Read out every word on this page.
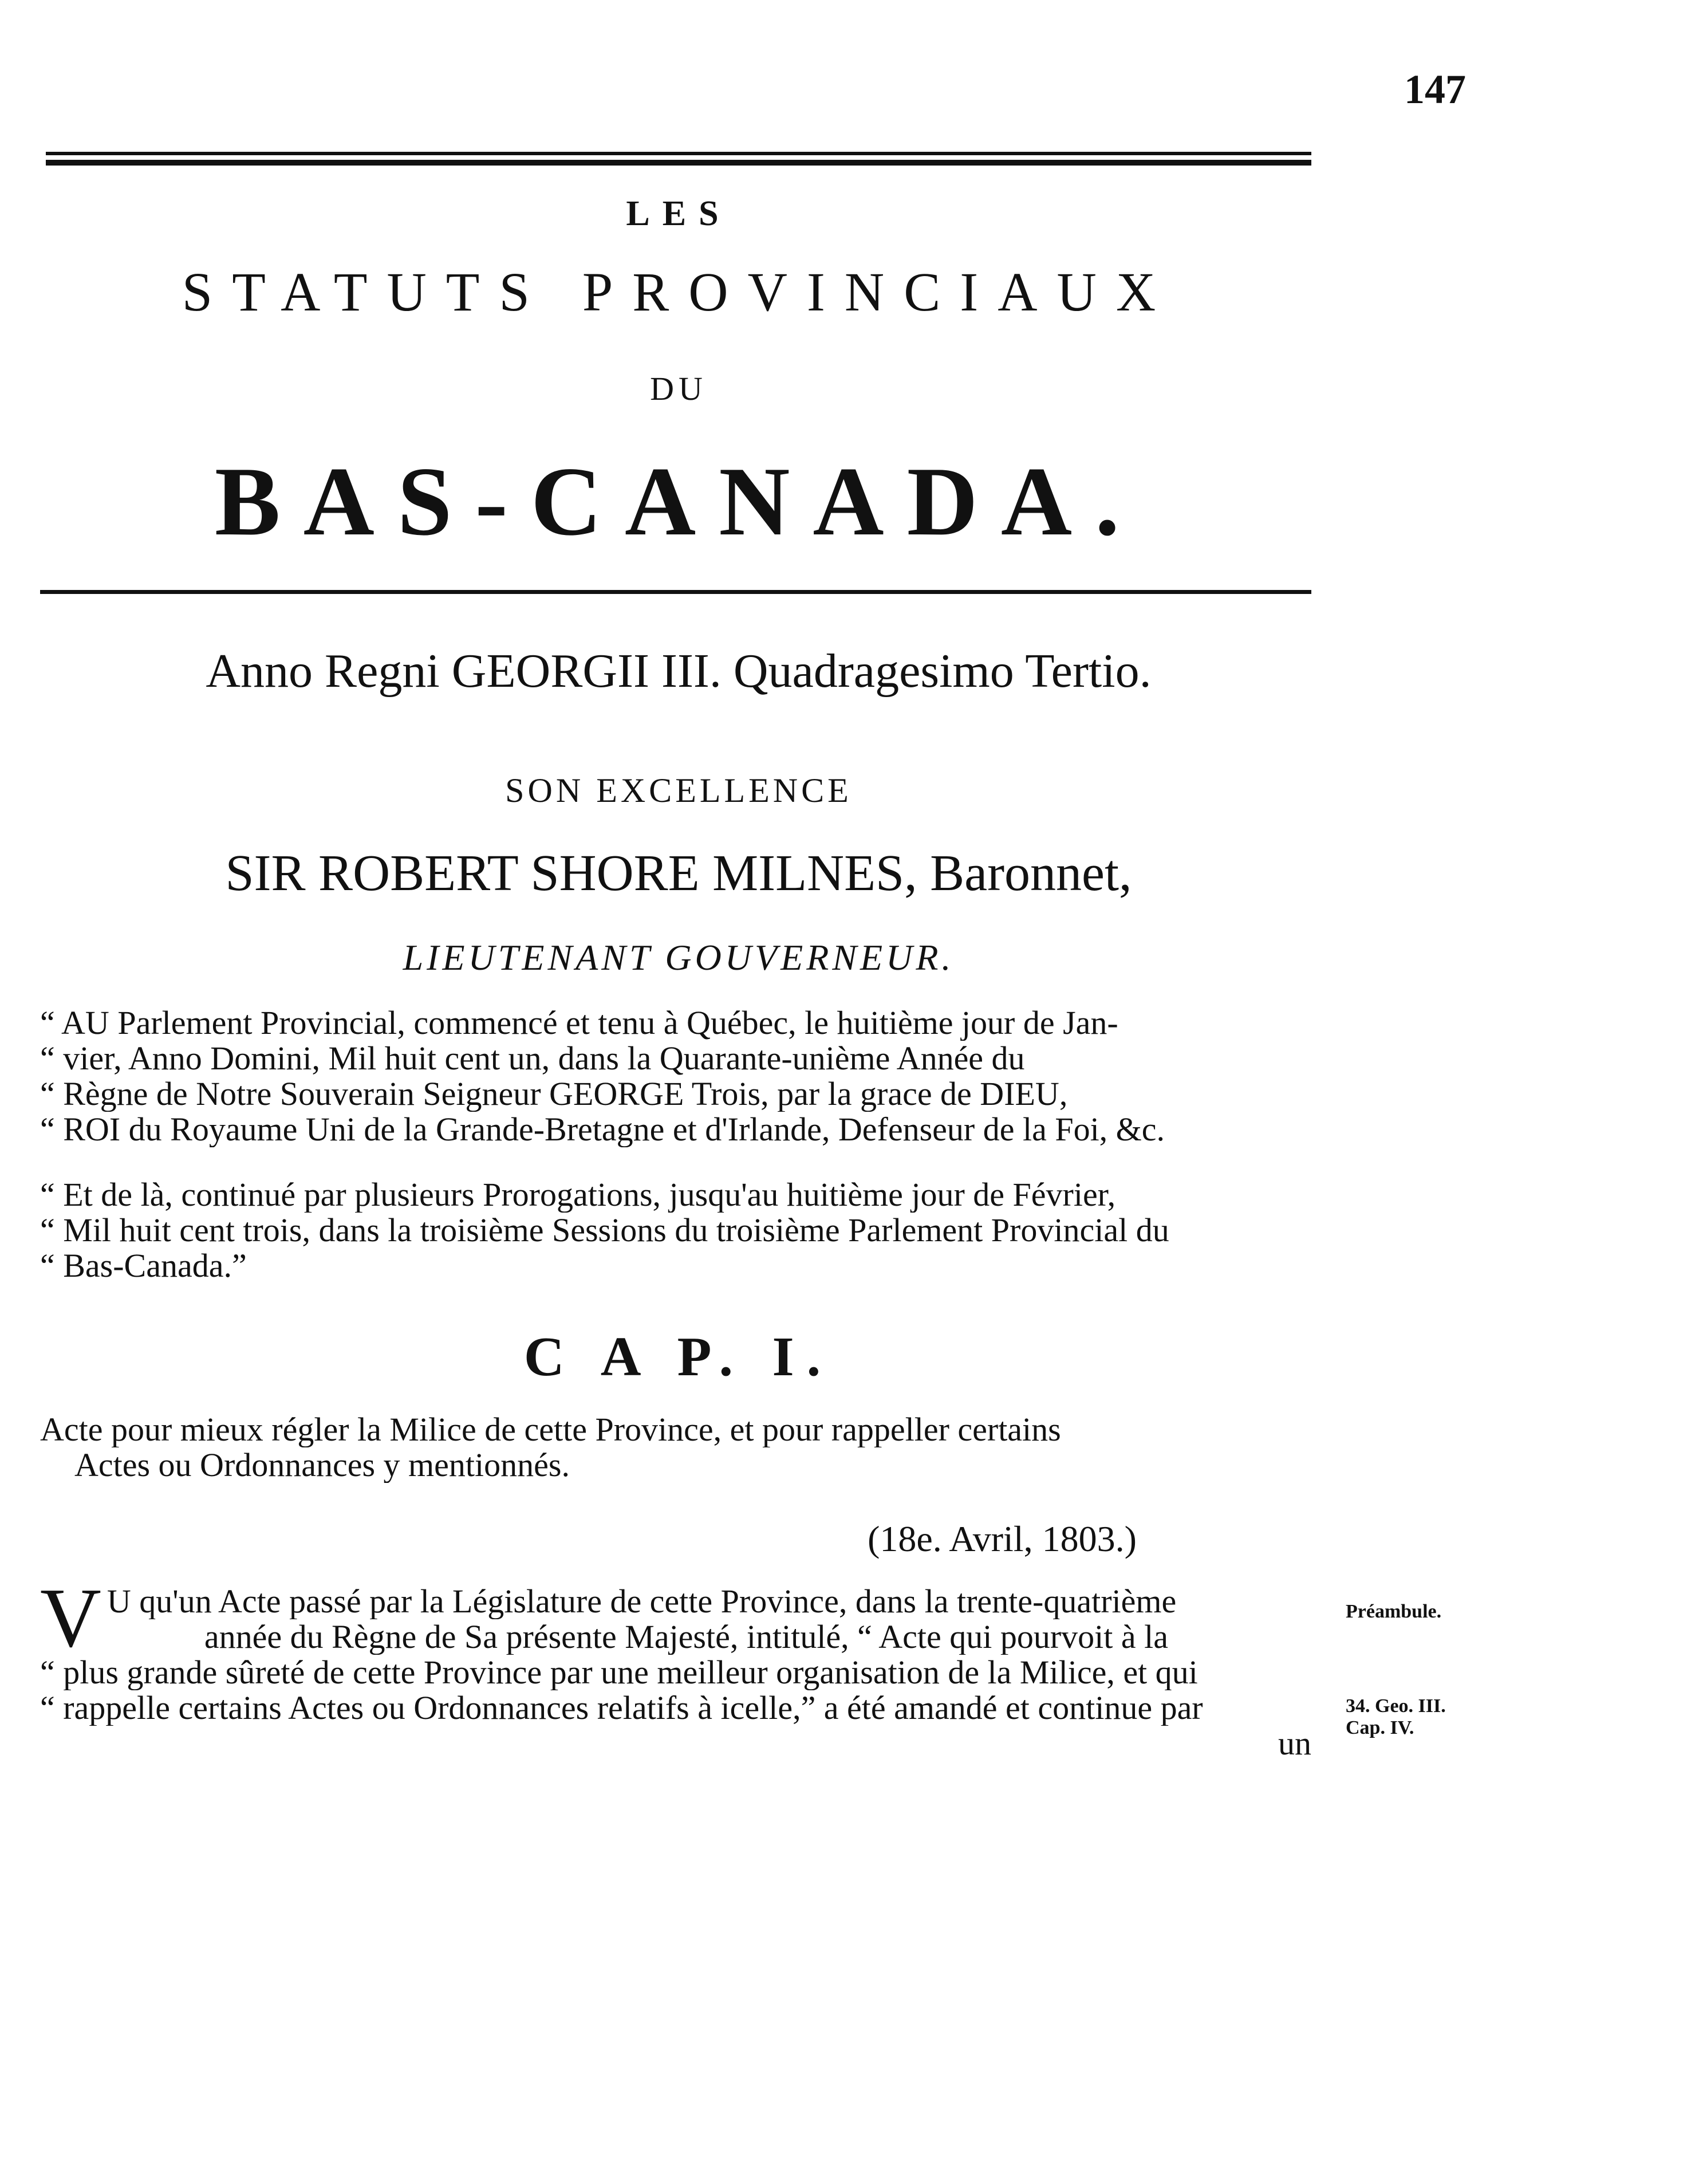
147
LES
STATUTS PROVINCIAUX
DU
BAS-CANADA.
Anno Regni GEORGII III. Quadragesimo Tertio.
SON EXCELLENCE
SIR ROBERT SHORE MILNES, Baronnet,
LIEUTENANT GOUVERNEUR.
“ AU Parlement Provincial, commencé et tenu à Québec, le huitième jour de Jan-
“ vier, Anno Domini, Mil huit cent un, dans la Quarante-unième Année du
“ Règne de Notre Souverain Seigneur GEORGE Trois, par la grace de DIEU,
“ ROI du Royaume Uni de la Grande-Bretagne et d'Irlande, Defenseur de la Foi, &c.
“ Et de là, continué par plusieurs Prorogations, jusqu'au huitième jour de Février,
“ Mil huit cent trois, dans la troisième Sessions du troisième Parlement Provincial du
“ Bas-Canada.”
C A P. I.
Acte pour mieux régler la Milice de cette Province, et pour rappeller certains
Actes ou Ordonnances y mentionnés.
(18e. Avril, 1803.)
V U qu'un Acte passé par la Législature de cette Province, dans la trente-quatrième
année du Règne de Sa présente Majesté, intitulé, “ Acte qui pourvoit à la
“ plus grande sûreté de cette Province par une meilleur organisation de la Milice, et qui
“ rappelle certains Actes ou Ordonnances relatifs à icelle,” a été amandé et continue par
un
Préambule.
34. Geo. III.
Cap. IV.
